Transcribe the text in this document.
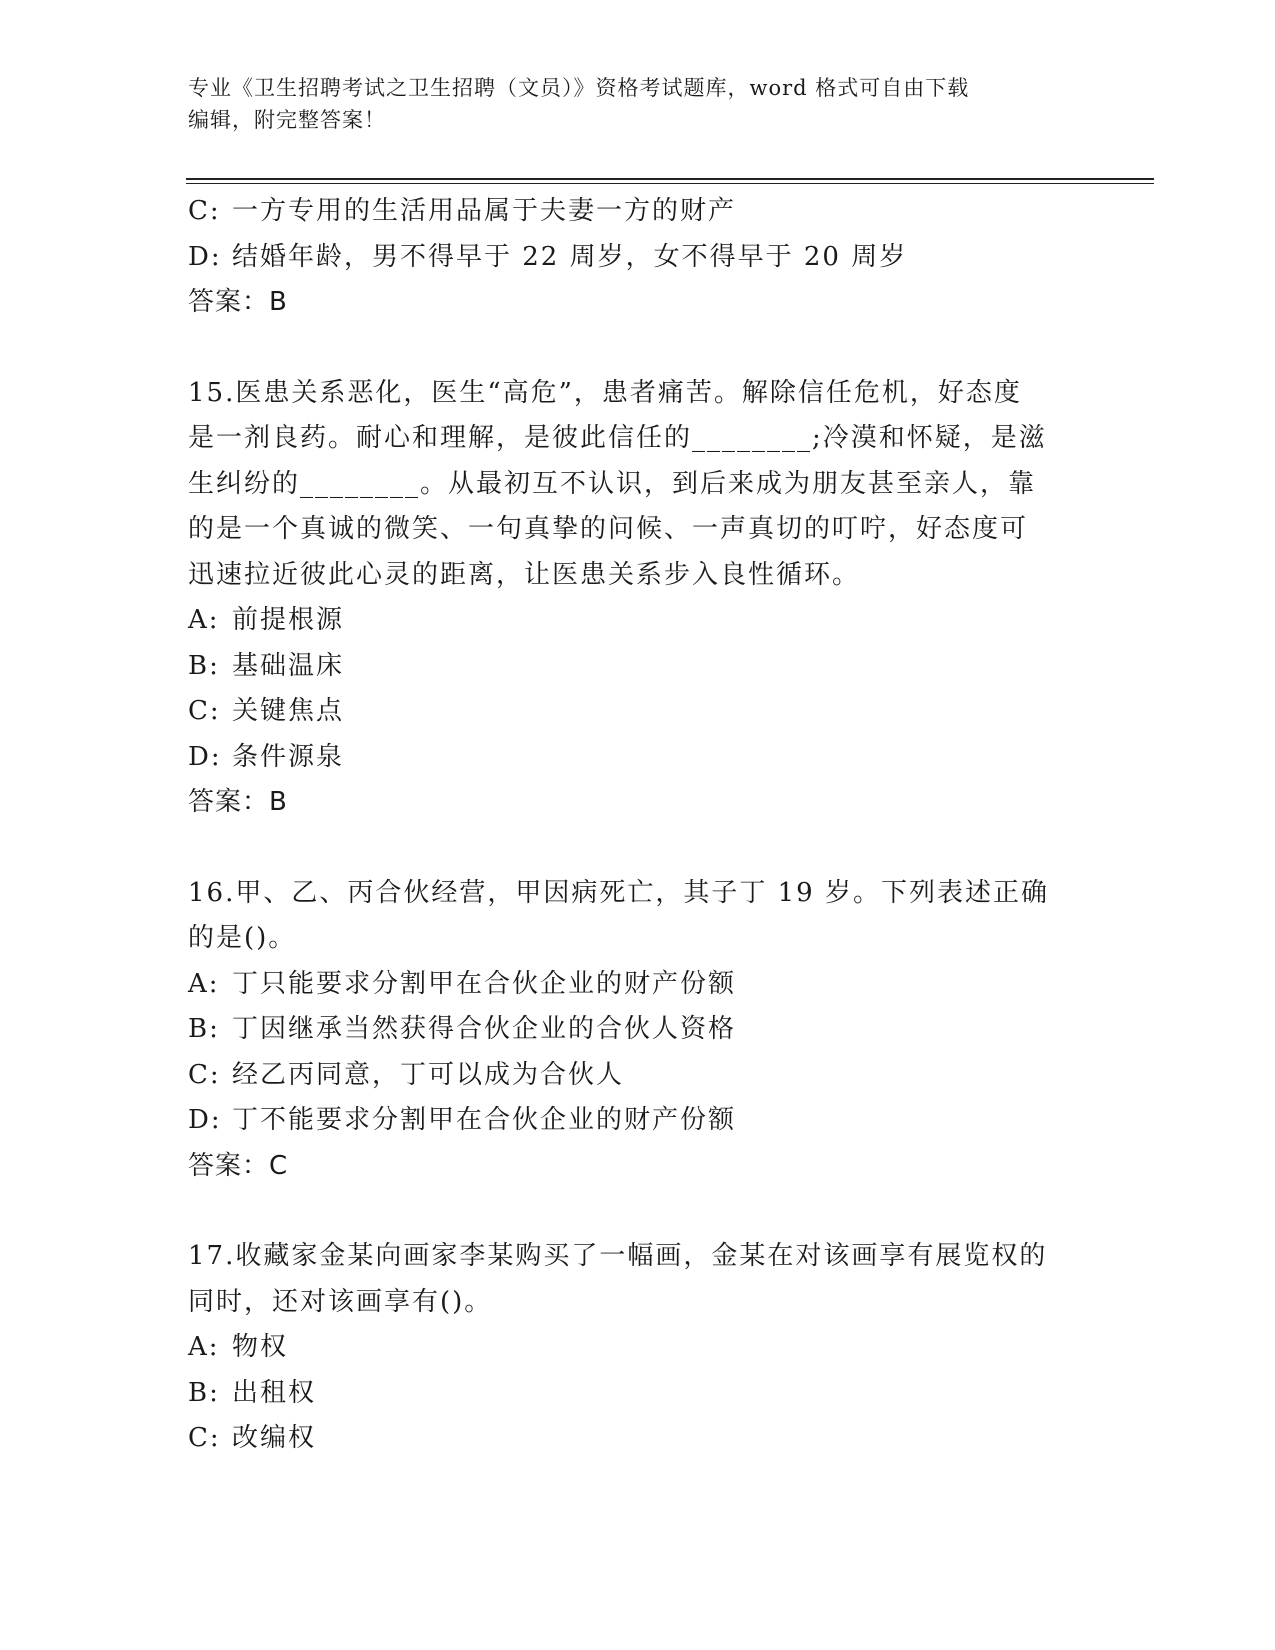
专业《卫生招聘考试之卫生招聘（文员）》资格考试题库，word 格式可自由下载
编辑，附完整答案！
C: 一方专用的生活用品属于夫妻一方的财产
D: 结婚年龄，男不得早于 22 周岁，女不得早于 20 周岁
答案：B
15.医患关系恶化，医生“高危”，患者痛苦。解除信任危机，好态度
是一剂良药。耐心和理解，是彼此信任的________;冷漠和怀疑，是滋
生纠纷的________。从最初互不认识，到后来成为朋友甚至亲人，靠
的是一个真诚的微笑、一句真挚的问候、一声真切的叮咛，好态度可
迅速拉近彼此心灵的距离，让医患关系步入良性循环。
A: 前提根源
B: 基础温床
C: 关键焦点
D: 条件源泉
答案：B
16.甲、乙、丙合伙经营，甲因病死亡，其子丁 19 岁。下列表述正确
的是()。
A: 丁只能要求分割甲在合伙企业的财产份额
B: 丁因继承当然获得合伙企业的合伙人资格
C: 经乙丙同意，丁可以成为合伙人
D: 丁不能要求分割甲在合伙企业的财产份额
答案：C
17.收藏家金某向画家李某购买了一幅画，金某在对该画享有展览权的
同时，还对该画享有()。
A: 物权
B: 出租权
C: 改编权
